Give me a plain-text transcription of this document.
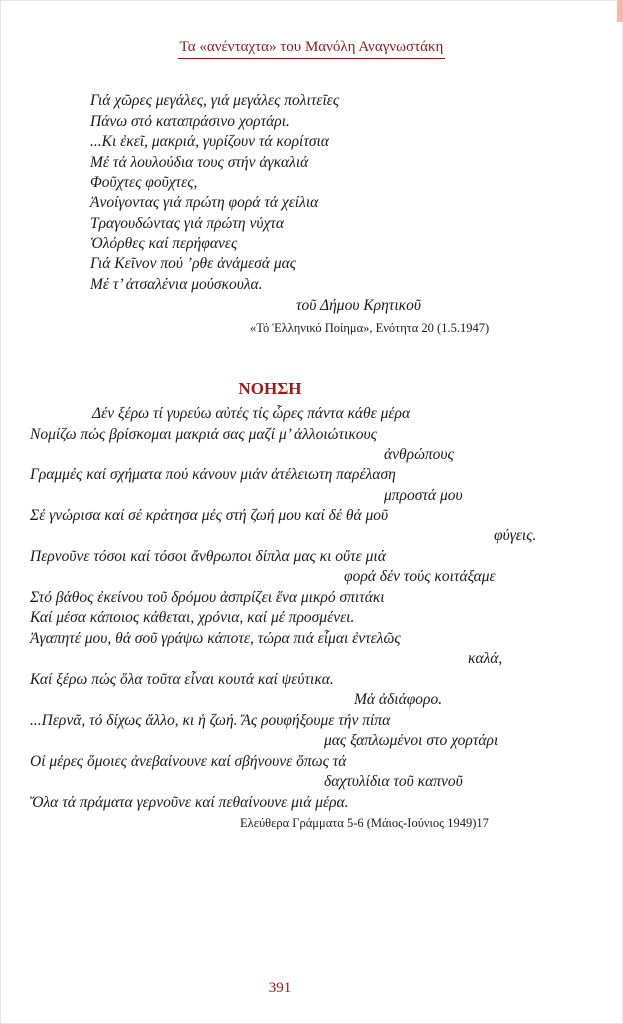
Τα «ανένταχτα» του Μανόλη Αναγνωστάκη
Γιά χῶρες μεγάλες, γιά μεγάλες πολιτεῖες
Πάνω στό καταπράσινο χορτάρι.
...Κι ἐκεῖ, μακριά, γυρίζουν τά κορίτσια
Μέ τά λουλούδια τους στήν ἀγκαλιά
Φοῦχτες φοῦχτες,
Ἀνοίγοντας γιά πρώτη φορά τά χείλια
Τραγουδώντας γιά πρώτη νύχτα
Ὁλόρθες καί περήφανες
Γιά Κεῖνον πού ’ρθε ἀνάμεσά μας
Μέ τ’ ἀτσαλένια μούσκουλα.
τοῦ Δήμου Κρητικοῦ
«Τό Ἑλληνικό Ποίημα», Ενότητα 20 (1.5.1947)
ΝΟΗΣΗ
Δέν ξέρω τί γυρεύω αὐτές τίς ὧρες πάντα κάθε μέρα
Νομίζω πώς βρίσκομαι μακριά σας μαζί μ’ ἀλλοιώτικους
ἀνθρώπους
Γραμμές καί σχήματα πού κάνουν μιάν ἀτέλειωτη παρέλαση
μπροστά μου
Σέ γνώρισα καί σέ κράτησα μές στή ζωή μου καί δέ θά μοῦ
φύγεις.
Περνοῦνε τόσοι καί τόσοι ἄνθρωποι δίπλα μας κι οὔτε μιά
φορά δέν τούς κοιτάξαμε
Στό βάθος ἐκείνου τοῦ δρόμου ἀσπρίζει ἕνα μικρό σπιτάκι
Καί μέσα κάποιος κάθεται, χρόνια, καί μέ προσμένει.
Ἀγαπητέ μου, θά σοῦ γράψω κάποτε, τώρα πιά εἶμαι ἐντελῶς
καλά,
Καί ξέρω πώς ὅλα τοῦτα εἶναι κουτά καί ψεύτικα.
Μά ἀδιάφορο.
...Περνᾶ, τό δίχως ἄλλο, κι ἡ ζωή. Ἄς ρουφήξουμε τήν πίπα
μας ξαπλωμένοι στο χορτάρι
Οἱ μέρες ὅμοιες ἀνεβαίνουνε καί σβήνουνε ὅπως τά
δαχτυλίδια τοῦ καπνοῦ
Ὅλα τά πράματα γερνοῦνε καί πεθαίνουνε μιά μέρα.
Ελεύθερα Γράμματα 5-6 (Μάιος-Ιούνιος 1949)17
391
